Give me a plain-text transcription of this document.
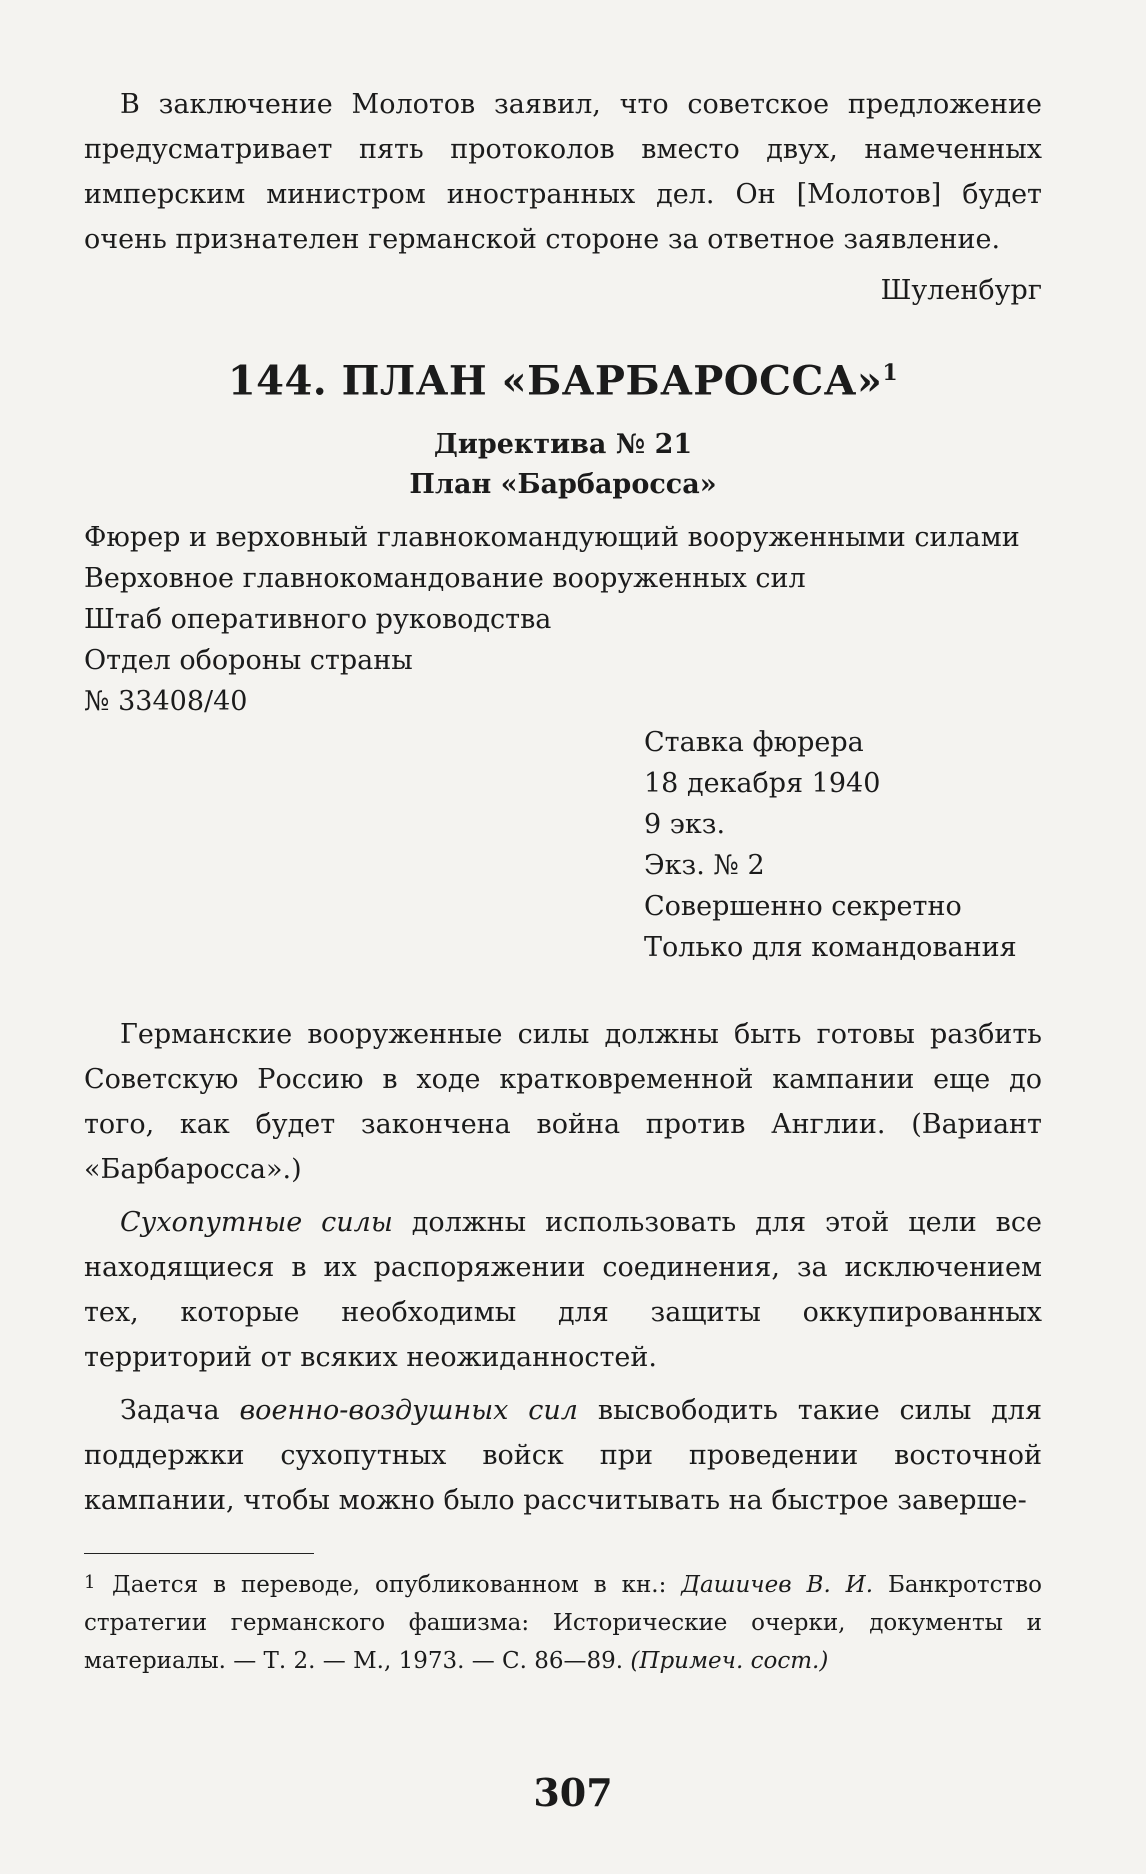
В заключение Молотов заявил, что советское предложение предусматривает пять протоколов вместо двух, намеченных имперским министром иностранных дел. Он [Молотов] будет очень признателен германской стороне за ответное заявление.

Шуленбург

144. ПЛАН «БАРБАРОССА»$^1$

Директива № 21

План «Барбаросса»

Фюрер и верховный главнокомандующий вооруженными силами

Верховное главнокомандование вооруженных сил

Штаб оперативного руководства

Отдел обороны страны

№ 33408/40

Ставка фюрера

18 декабря 1940

9 экз.

Экз. № 2

Совершенно секретно

Только для командования

Германские вооруженные силы должны быть готовы разбить Советскую Россию в ходе кратковременной кампании еще до того, как будет закончена война против Англии. (Вариант «Барбаросса».)

Сухопутные силы должны использовать для этой цели все находящиеся в их распоряжении соединения, за исключением тех, которые необходимы для защиты оккупированных территорий от всяких неожиданностей.

Задача военно-воздушных сил высвободить такие силы для поддержки сухопутных войск при проведении восточной кампании, чтобы можно было рассчитывать на быстрое заверше-

1 Дается в переводе, опубликованном в кн.: Дашичев В. И. Банкротство стратегии германского фашизма: Исторические очерки, документы и материалы. — Т. 2. — М., 1973. — С. 86—89. (Примеч. сост.)

307
